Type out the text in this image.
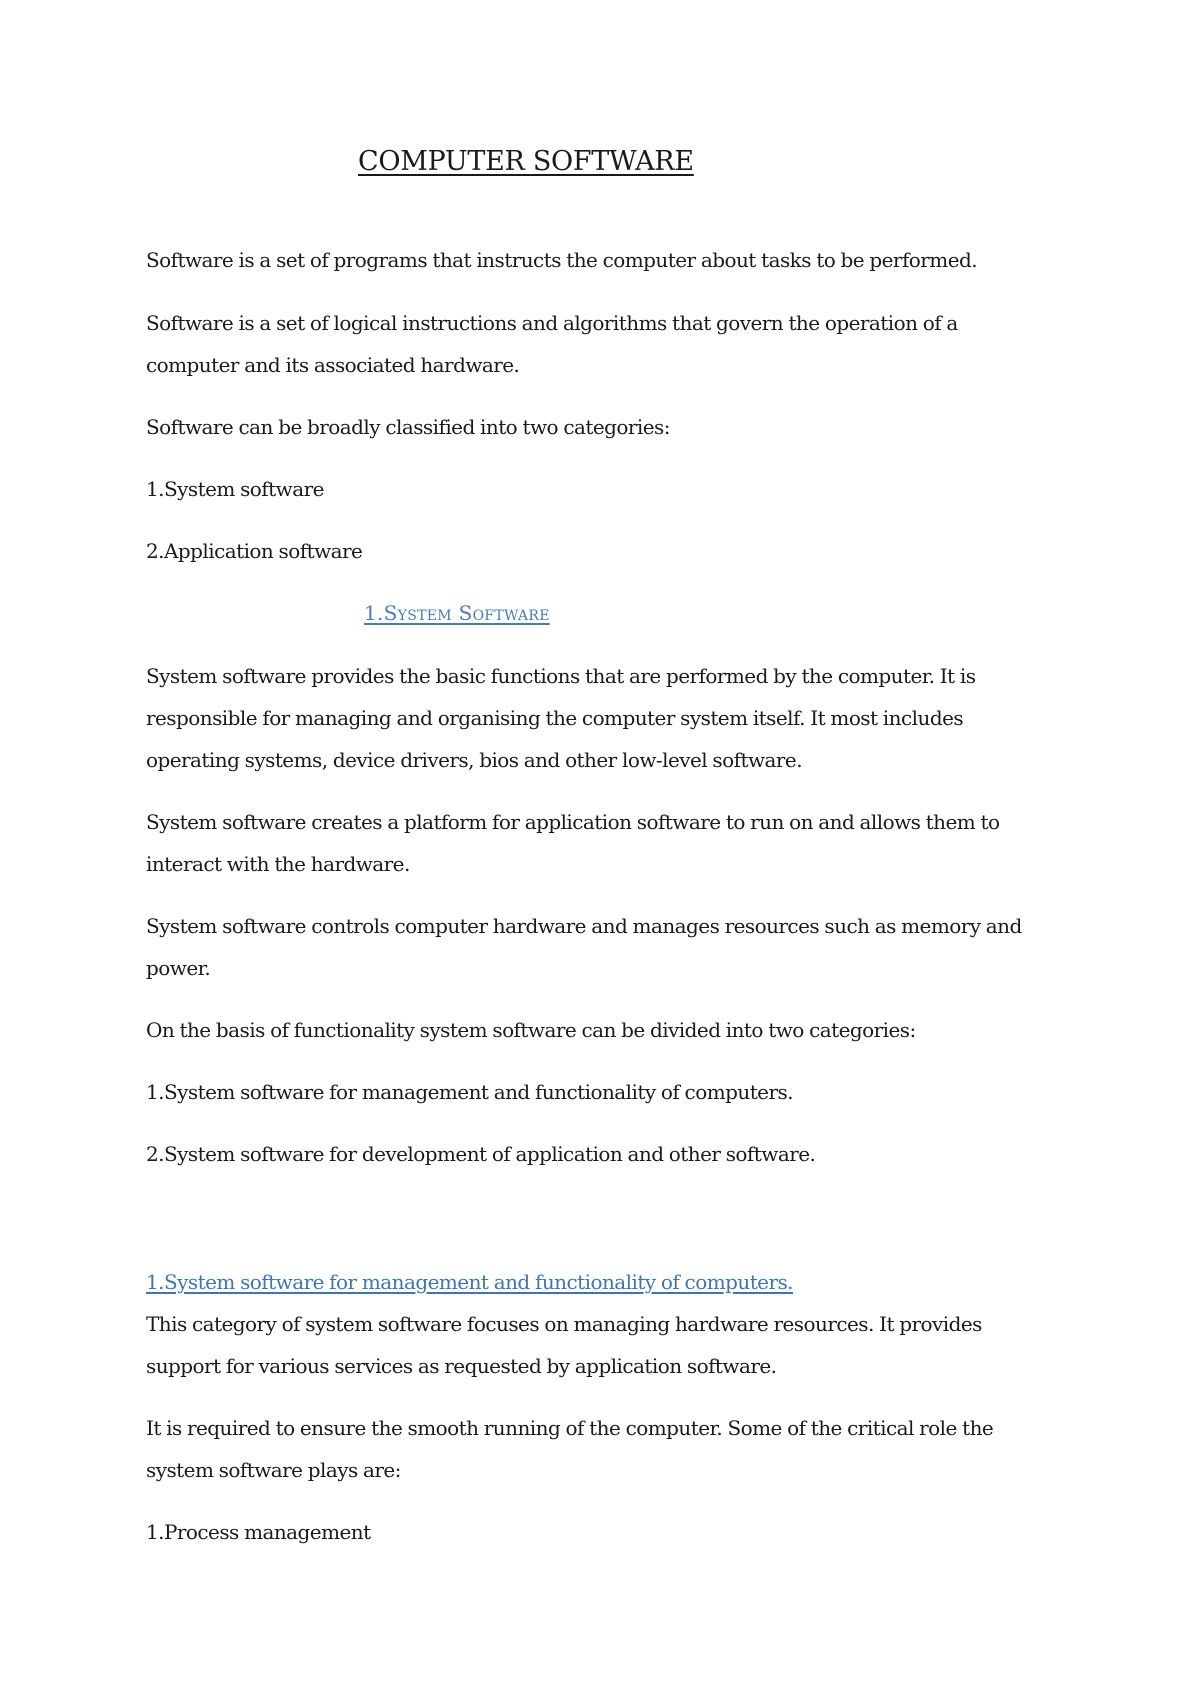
COMPUTER SOFTWARE
Software is a set of programs that instructs the computer about tasks to be performed.
Software is a set of logical instructions and algorithms that govern the operation of a
computer and its associated hardware.
Software can be broadly classified into two categories:
1.System software
2.Application software
1.System Software
System software provides the basic functions that are performed by the computer. It is
responsible for managing and organising the computer system itself. It most includes
operating systems, device drivers, bios and other low-level software.
System software creates a platform for application software to run on and allows them to
interact with the hardware.
System software controls computer hardware and manages resources such as memory and
power.
On the basis of functionality system software can be divided into two categories:
1.System software for management and functionality of computers.
2.System software for development of application and other software.
1.System software for management and functionality of computers.
This category of system software focuses on managing hardware resources. It provides
support for various services as requested by application software.
It is required to ensure the smooth running of the computer. Some of the critical role the
system software plays are:
1.Process management
